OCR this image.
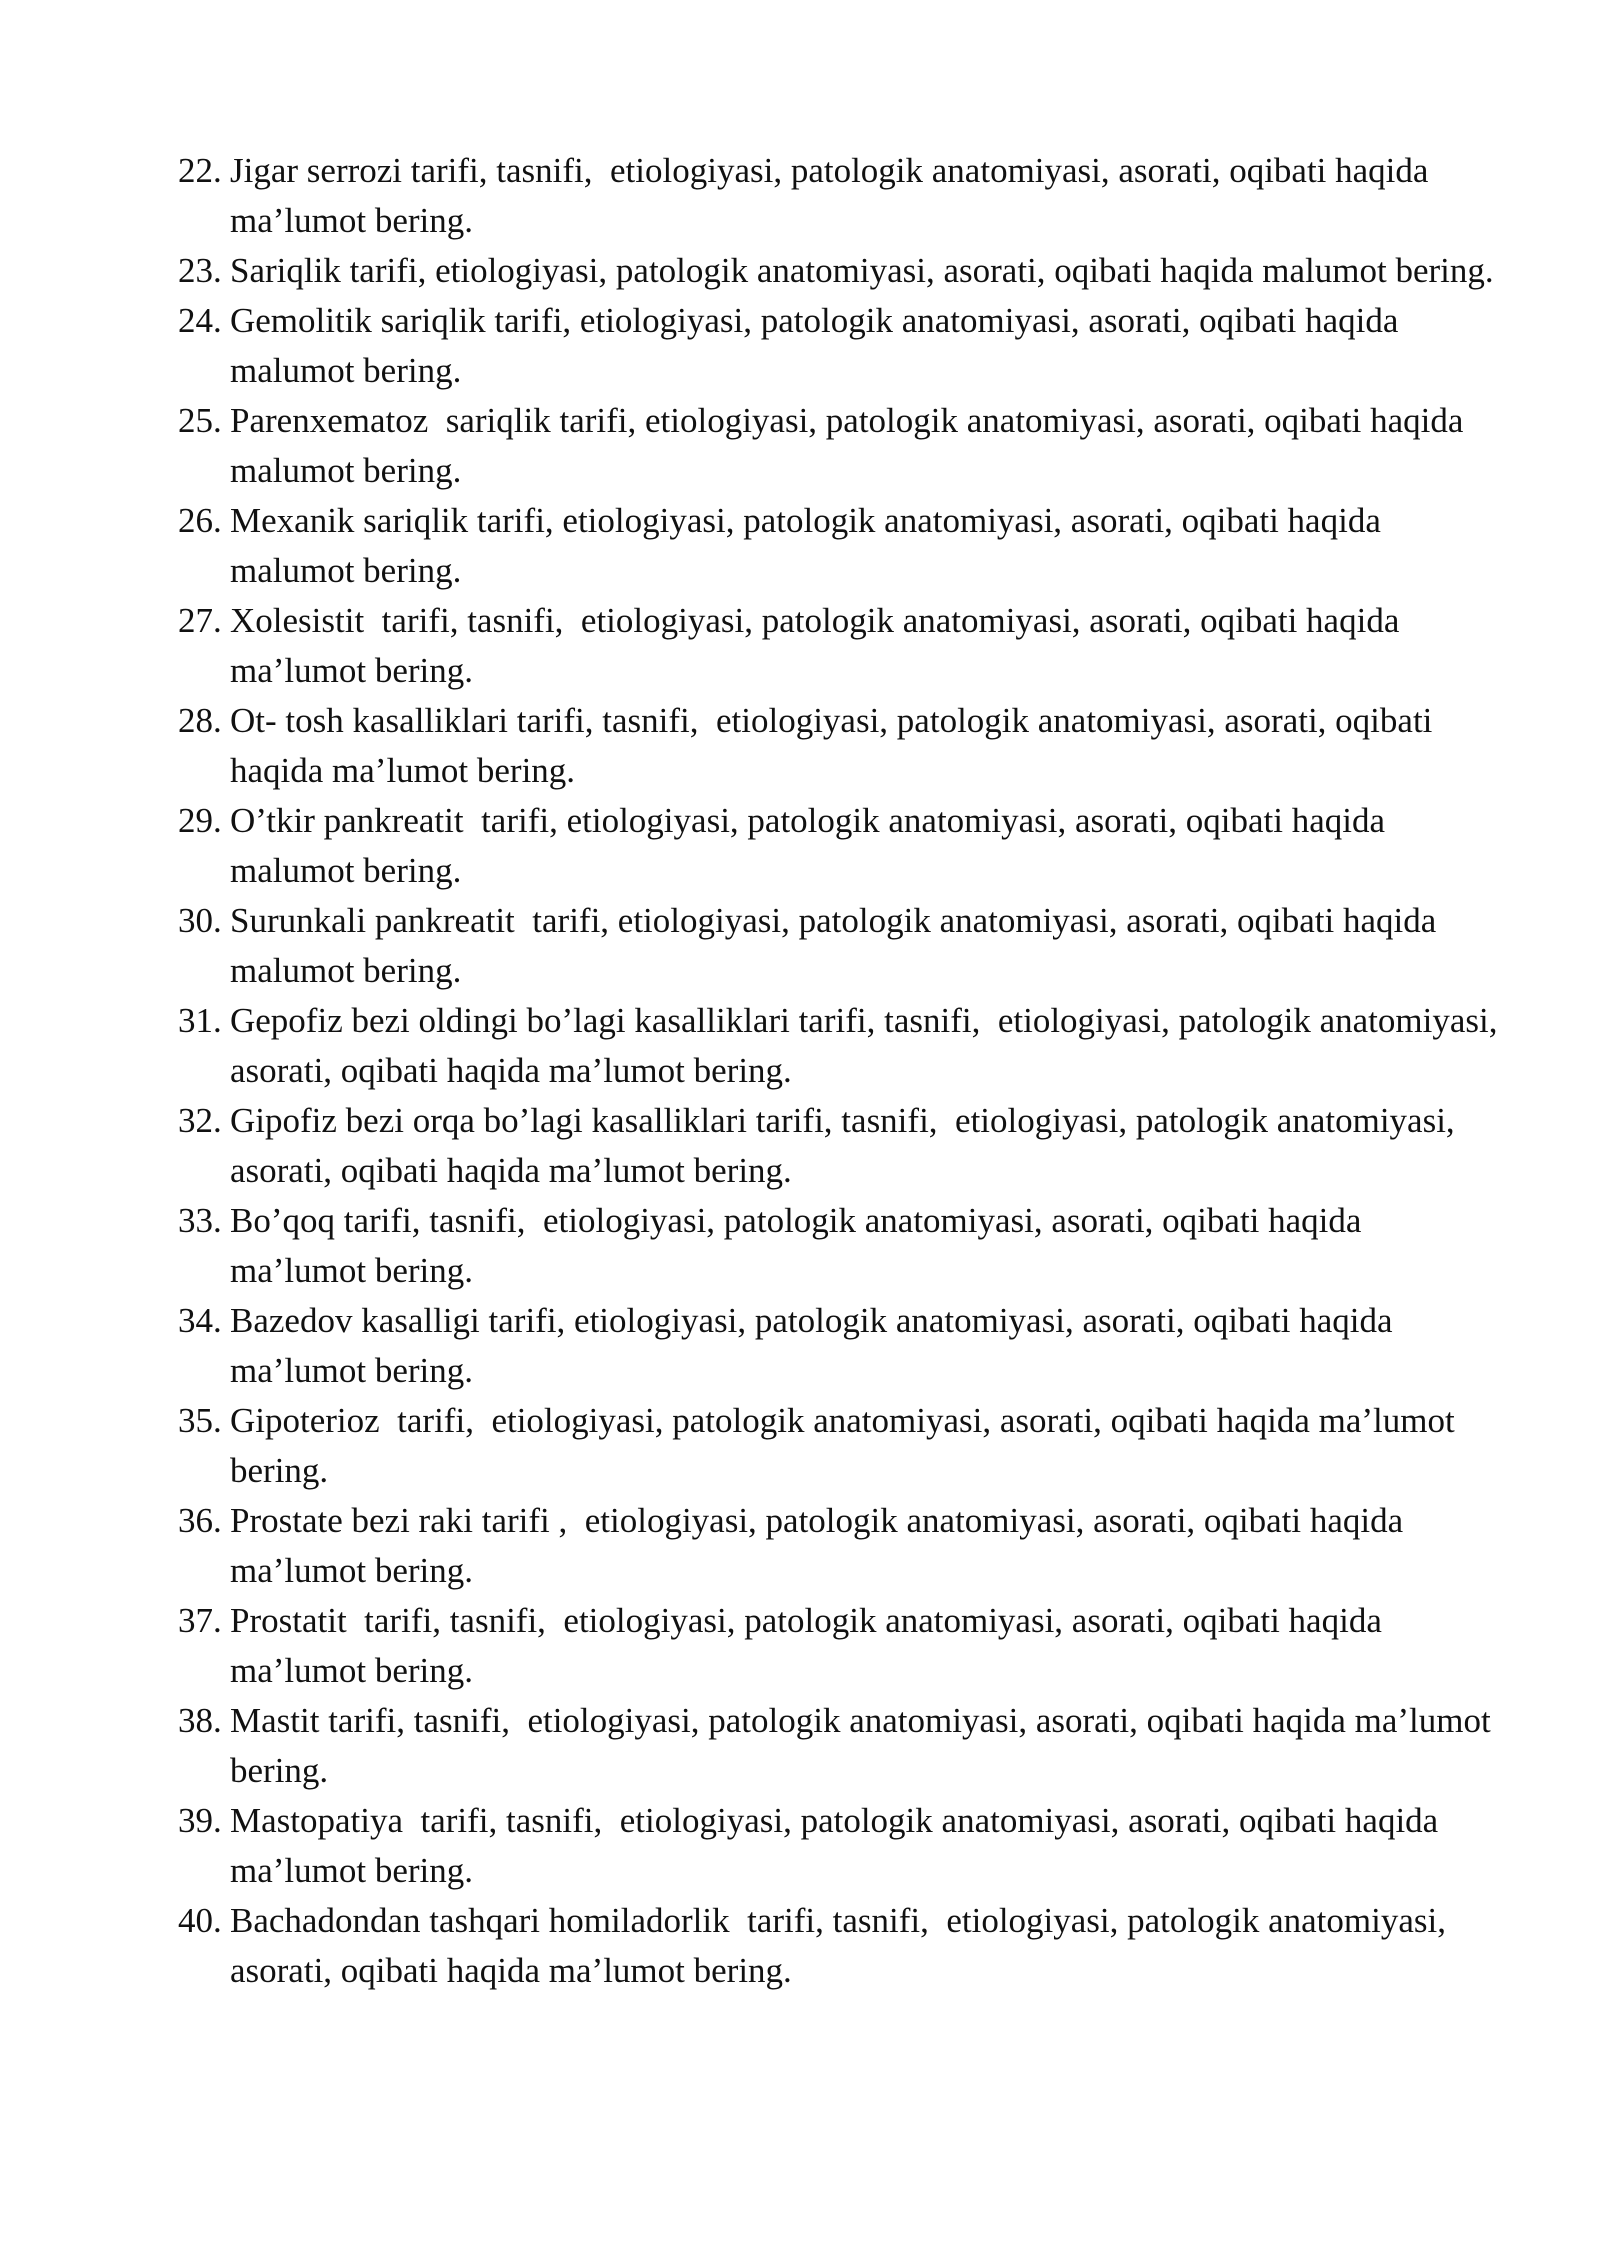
22. Jigar serrozi tarifi, tasnifi,  etiologiyasi, patologik anatomiyasi, asorati, oqibati haqida ma’lumot bering.
23. Sariqlik tarifi, etiologiyasi, patologik anatomiyasi, asorati, oqibati haqida malumot bering.
24. Gemolitik sariqlik tarifi, etiologiyasi, patologik anatomiyasi, asorati, oqibati haqida malumot bering.
25. Parenxematoz  sariqlik tarifi, etiologiyasi, patologik anatomiyasi, asorati, oqibati haqida malumot bering.
26. Mexanik sariqlik tarifi, etiologiyasi, patologik anatomiyasi, asorati, oqibati haqida malumot bering.
27. Xolesistit  tarifi, tasnifi,  etiologiyasi, patologik anatomiyasi, asorati, oqibati haqida ma’lumot bering.
28. Ot- tosh kasalliklari tarifi, tasnifi,  etiologiyasi, patologik anatomiyasi, asorati, oqibati haqida ma’lumot bering.
29. O’tkir pankreatit  tarifi, etiologiyasi, patologik anatomiyasi, asorati, oqibati haqida malumot bering.
30. Surunkali pankreatit  tarifi, etiologiyasi, patologik anatomiyasi, asorati, oqibati haqida malumot bering.
31. Gepofiz bezi oldingi bo’lagi kasalliklari tarifi, tasnifi,  etiologiyasi, patologik anatomiyasi, asorati, oqibati haqida ma’lumot bering.
32. Gipofiz bezi orqa bo’lagi kasalliklari tarifi, tasnifi,  etiologiyasi, patologik anatomiyasi, asorati, oqibati haqida ma’lumot bering.
33. Bo’qoq tarifi, tasnifi,  etiologiyasi, patologik anatomiyasi, asorati, oqibati haqida ma’lumot bering.
34. Bazedov kasalligi tarifi, etiologiyasi, patologik anatomiyasi, asorati, oqibati haqida ma’lumot bering.
35. Gipoterioz  tarifi,  etiologiyasi, patologik anatomiyasi, asorati, oqibati haqida ma’lumot bering.
36. Prostate bezi raki tarifi ,  etiologiyasi, patologik anatomiyasi, asorati, oqibati haqida ma’lumot bering.
37. Prostatit  tarifi, tasnifi,  etiologiyasi, patologik anatomiyasi, asorati, oqibati haqida ma’lumot bering.
38. Mastit tarifi, tasnifi,  etiologiyasi, patologik anatomiyasi, asorati, oqibati haqida ma’lumot bering.
39. Mastopatiya  tarifi, tasnifi,  etiologiyasi, patologik anatomiyasi, asorati, oqibati haqida ma’lumot bering.
40. Bachadondan tashqari homiladorlik  tarifi, tasnifi,  etiologiyasi, patologik anatomiyasi, asorati, oqibati haqida ma’lumot bering.
